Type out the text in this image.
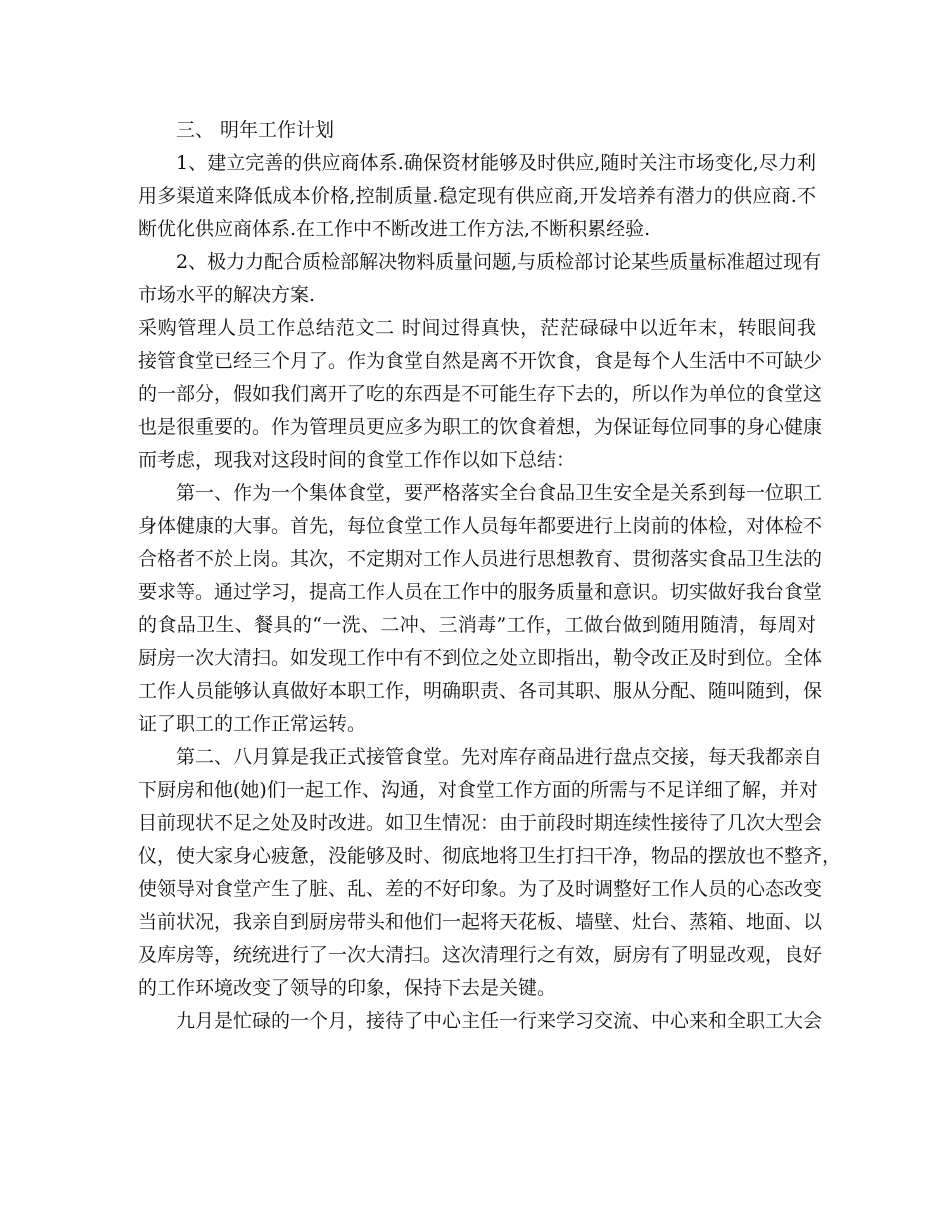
三、 明年工作计划
1、建立完善的供应商体系.确保资材能够及时供应,随时关注市场变化,尽力利
用多渠道来降低成本价格,控制质量.稳定现有供应商,开发培养有潜力的供应商.不
断优化供应商体系.在工作中不断改进工作方法,不断积累经验.
2、极力力配合质检部解决物料质量问题,与质检部讨论某些质量标准超过现有
市场水平的解决方案.
采购管理人员工作总结范文二 时间过得真快，茫茫碌碌中以近年末，转眼间我
接管食堂已经三个月了。作为食堂自然是离不开饮食，食是每个人生活中不可缺少
的一部分，假如我们离开了吃的东西是不可能生存下去的，所以作为单位的食堂这
也是很重要的。作为管理员更应多为职工的饮食着想，为保证每位同事的身心健康
而考虑，现我对这段时间的食堂工作作以如下总结：
第一、作为一个集体食堂，要严格落实全台食品卫生安全是关系到每一位职工
身体健康的大事。首先，每位食堂工作人员每年都要进行上岗前的体检，对体检不
合格者不於上岗。其次，不定期对工作人员进行思想教育、贯彻落实食品卫生法的
要求等。通过学习，提高工作人员在工作中的服务质量和意识。切实做好我台食堂
的食品卫生、餐具的“一洗、二冲、三消毒”工作，工做台做到随用随清，每周对
厨房一次大清扫。如发现工作中有不到位之处立即指出，勒令改正及时到位。全体
工作人员能够认真做好本职工作，明确职责、各司其职、服从分配、随叫随到，保
证了职工的工作正常运转。
第二、八月算是我正式接管食堂。先对库存商品进行盘点交接，每天我都亲自
下厨房和他(她)们一起工作、沟通，对食堂工作方面的所需与不足详细了解，并对
目前现状不足之处及时改进。如卫生情况：由于前段时期连续性接待了几次大型会
仪，使大家身心疲惫，没能够及时、彻底地将卫生打扫干净，物品的摆放也不整齐，
使领导对食堂产生了脏、乱、差的不好印象。为了及时调整好工作人员的心态改变
当前状况，我亲自到厨房带头和他们一起将天花板、墙壁、灶台、蒸箱、地面、以
及库房等，统统进行了一次大清扫。这次清理行之有效，厨房有了明显改观，良好
的工作环境改变了领导的印象，保持下去是关键。
九月是忙碌的一个月，接待了中心主任一行来学习交流、中心来和全职工大会
